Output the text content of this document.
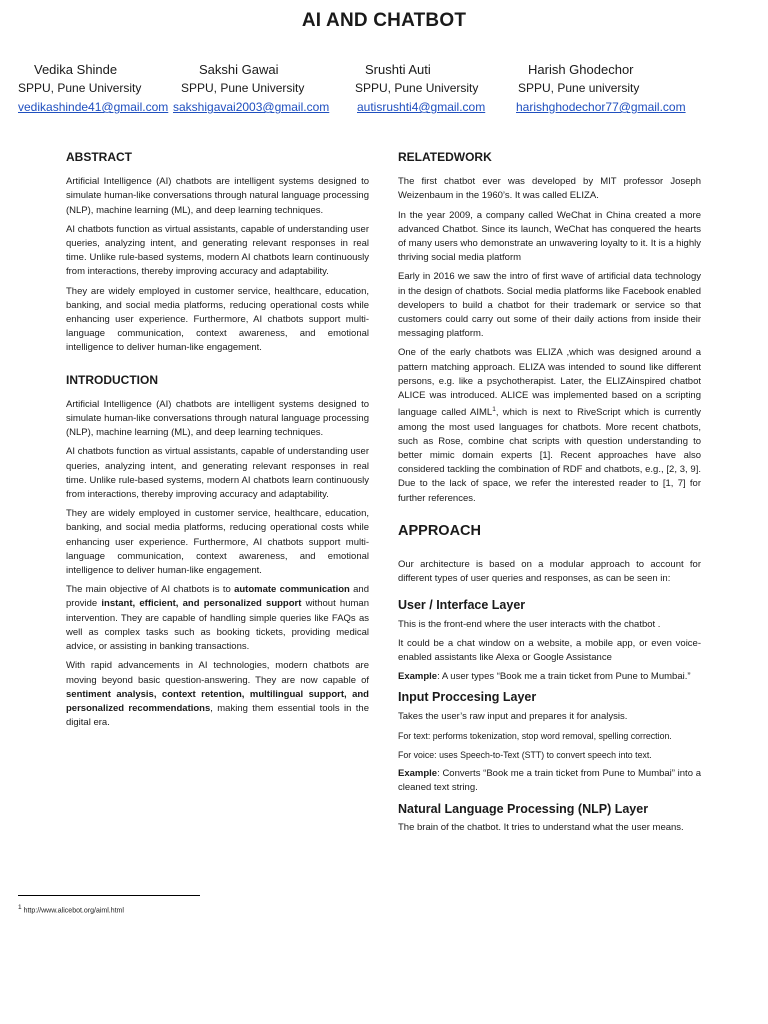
AI AND CHATBOT
Vedika Shinde
SPPU, Pune University
vedikashinde41@gmail.com
Sakshi Gawai
SPPU, Pune University
sakshigavai2003@gmail.com
Srushti Auti
SPPU, Pune University
autisrushti4@gmail.com
Harish Ghodechor
SPPU, Pune university
harishghodechor77@gmail.com
ABSTRACT

Artificial Intelligence (AI) chatbots are intelligent systems designed to simulate human-like conversations through natural language processing (NLP), machine learning (ML), and deep learning techniques.

AI chatbots function as virtual assistants, capable of understanding user queries, analyzing intent, and generating relevant responses in real time. Unlike rule-based systems, modern AI chatbots learn continuously from interactions, thereby improving accuracy and adaptability.

They are widely employed in customer service, healthcare, education, banking, and social media platforms, reducing operational costs while enhancing user experience. Furthermore, AI chatbots support multi-language communication, context awareness, and emotional intelligence to deliver human-like engagement.

INTRODUCTION

Artificial Intelligence (AI) chatbots are intelligent systems designed to simulate human-like conversations through natural language processing (NLP), machine learning (ML), and deep learning techniques.

AI chatbots function as virtual assistants, capable of understanding user queries, analyzing intent, and generating relevant responses in real time. Unlike rule-based systems, modern AI chatbots learn continuously from interactions, thereby improving accuracy and adaptability.

They are widely employed in customer service, healthcare, education, banking, and social media platforms, reducing operational costs while enhancing user experience. Furthermore, AI chatbots support multi-language communication, context awareness, and emotional intelligence to deliver human-like engagement.

The main objective of AI chatbots is to automate communication and provide instant, efficient, and personalized support without human intervention. They are capable of handling simple queries like FAQs as well as complex tasks such as booking tickets, providing medical advice, or assisting in banking transactions.

With rapid advancements in AI technologies, modern chatbots are moving beyond basic question-answering. They are now capable of sentiment analysis, context retention, multilingual support, and personalized recommendations, making them essential tools in the digital era.

RELATEDWORK

The first chatbot ever was developed by MIT professor Joseph Weizenbaum in the 1960’s. It was called ELIZA.

In the year 2009, a company called WeChat in China created a more advanced Chatbot. Since its launch, WeChat has conquered the hearts of many users who demonstrate an unwavering loyalty to it. It is a highly thriving social media platform

Early in 2016 we saw the intro of first wave of artificial data technology in the design of chatbots. Social media platforms like Facebook enabled developers to build a chatbot for their trademark or service so that customers could carry out some of their daily actions from inside their messaging platform.

One of the early chatbots was ELIZA ,which was designed around a pattern matching approach. ELIZA was intended to sound like different persons, e.g. like a psychotherapist. Later, the ELIZAinspired chatbot ALICE was introduced. ALICE was implemented based on a scripting language called AIML$^1$, which is next to RiveScript which is currently among the most used languages for chatbots. More recent chatbots, such as Rose, combine chat scripts with question understanding to better mimic domain experts [1]. Recent approaches have also considered tackling the combination of RDF and chatbots, e.g., [2, 3, 9]. Due to the lack of space, we refer the interested reader to [1, 7] for further references.

APPROACH

Our architecture is based on a modular approach to account for different types of user queries and responses, as can be seen in:

User / Interface Layer

This is the front-end where the user interacts with the chatbot .

It could be a chat window on a website, a mobile app, or even voice-enabled assistants like Alexa or Google Assistance

Example: A user types “Book me a train ticket from Pune to Mumbai.”

Input Proccesing Layer

Takes the user’s raw input and prepares it for analysis.

For text: performs tokenization, stop word removal, spelling correction.

For voice: uses Speech-to-Text (STT) to convert speech into text.

Example: Converts “Book me a train ticket from Pune to Mumbai” into a cleaned text string.

Natural Language Processing (NLP) Layer

The brain of the chatbot. It tries to understand what the user means.

$^1$ http://www.alicebot.org/aiml.html
